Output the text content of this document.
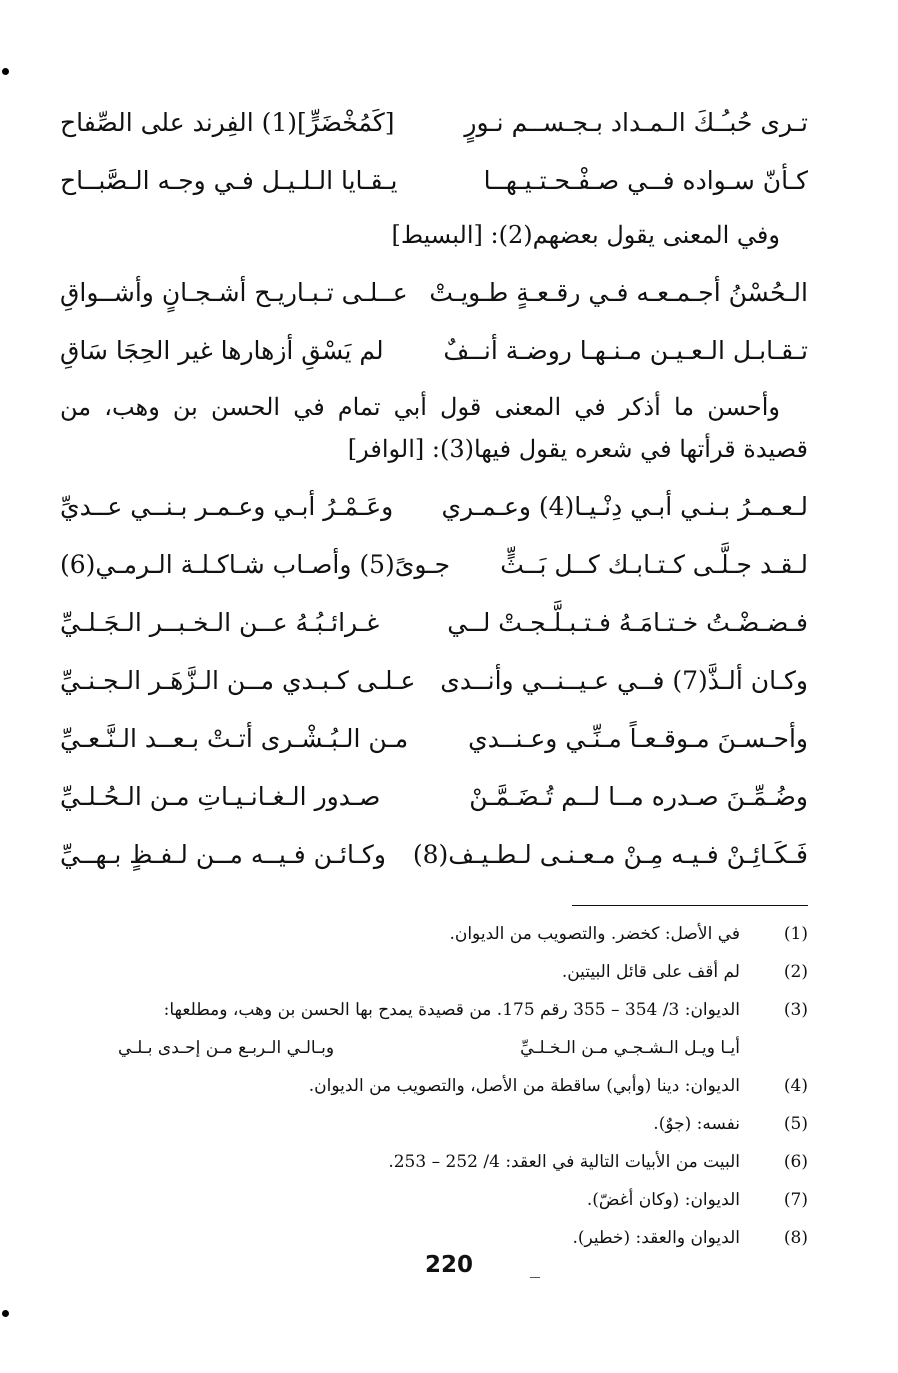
تـرى حُبـُـكَ الـمـداد بـجـســم نـورٍ
[كَمُخْضَرٍّ](1) الفِرند على الصِّفاح
كـأنّ سـواده فــي صـفْـحـتـيـهــا
يـقـايا الـلـيـل فـي وجـه الـصَّبــاح
وفي المعنى يقول بعضهم(2): [البسيط]
الـحُسْنُ أجـمـعـه فـي رقـعـةٍ طـويـتْ
عــلـى تـبـاريـح أشـجـانٍ وأشــواقِ
تـقـابـل الـعـيـن مـنـهـا روضـة أنــفٌ
لم يَسْقِ أزهارها غير الحِجَا سَاقِ
وأحسن ما أذكر في المعنى قول أبي تمام في الحسن بن وهب، من قصيدة قرأتها في شعره يقول فيها(3): [الوافر]
لـعـمـرُ بـنـي أبـي دِنْـيـا(4) وعـمـري
وعَـمْـرُ أبـي وعـمـر بـنــي عــديِّ
لـقـد جـلَّـى كـتـابـك كــل بَــثٍّ
جـوىً(5) وأصـاب شـاكـلـة الـرمـي(6)
فـضـضْـتُ خـتـامَـهُ فـتـبـلَّـجـتْ لــي
غـرائـبُـهُ عــن الـخـبــر الـجَـلـيِّ
وكـان ألـذَّ(7) فــي عـيــنــي وأنــدى
عـلـى كـبـدي مــن الـزَّهَـر الـجـنـيِّ
وأحـسـنَ مـوقـعـاً مـنِّـي وعـنــدي
مـن الـبُـشْـرى أتـتْ بـعــد الـنَّـعـيِّ
وضُـمِّـنَ صـدره مــا لــم تُـضَـمَّـنْ
صـدور الـغـانـيـاتِ مـن الـحُـلـيِّ
فَـكَـائِـنْ فـيـه مِـنْ مـعـنـى لـطـيـف(8)
وكـائـن فـيــه مــن لـفـظٍ بـهــيِّ
(1)
في الأصل: كخضر. والتصويب من الديوان.
(2)
لم أقف على قائل البيتين.
(3)
الديوان: 3/ 354 – 355 رقم 175. من قصيدة يمدح بها الحسن بن وهب، ومطلعها:
أيـا ويـل الـشـجـي مـن الـخـلـيِّ
وبـالـي الـربـع مـن إحـدى بـلـي
(4)
الديوان: دينا (وأبي) ساقطة من الأصل، والتصويب من الديوان.
(5)
نفسه: (جوٌ).
(6)
البيت من الأبيات التالية في العقد: 4/ 252 – 253.
(7)
الديوان: (وكان أغضّ).
(8)
الديوان والعقد: (خطير).
220
